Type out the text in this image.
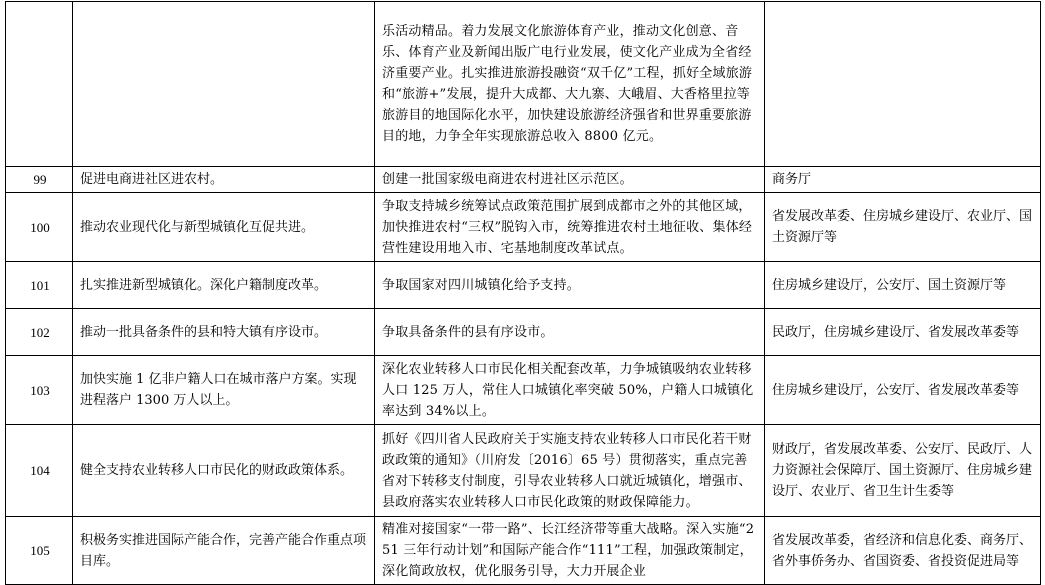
		乐活动精品。着力发展文化旅游体育产业，推动文化创意、音乐、体育产业及新闻出版广电行业发展，使文化产业成为全省经济重要产业。扎实推进旅游投融资“双千亿”工程，抓好全域旅游和“旅游+”发展，提升大成都、大九寨、大峨眉、大香格里拉等旅游目的地国际化水平，加快建设旅游经济强省和世界重要旅游目的地，力争全年实现旅游总收入 8800 亿元。	
99	促进电商进社区进农村。	创建一批国家级电商进农村进社区示范区。	商务厅
100	推动农业现代化与新型城镇化互促共进。	争取支持城乡统筹试点政策范围扩展到成都市之外的其他区域，加快推进农村“三权”脱钩入市，统筹推进农村土地征收、集体经营性建设用地入市、宅基地制度改革试点。	省发展改革委、住房城乡建设厅、农业厅、国土资源厅等
101	扎实推进新型城镇化。深化户籍制度改革。	争取国家对四川城镇化给予支持。	住房城乡建设厅，公安厅、国土资源厅等
102	推动一批具备条件的县和特大镇有序设市。	争取具备条件的县有序设市。	民政厅，住房城乡建设厅、省发展改革委等
103	加快实施 1 亿非户籍人口在城市落户方案。实现进程落户 1300 万人以上。	深化农业转移人口市民化相关配套改革，力争城镇吸纳农业转移人口 125 万人，常住人口城镇化率突破 50%，户籍人口城镇化率达到 34%以上。	住房城乡建设厅，公安厅、省发展改革委等
104	健全支持农业转移人口市民化的财政政策体系。	抓好《四川省人民政府关于实施支持农业转移人口市民化若干财政政策的通知》（川府发〔2016〕65 号）贯彻落实，重点完善省对下转移支付制度，引导农业转移人口就近城镇化，增强市、县政府落实农业转移人口市民化政策的财政保障能力。	财政厅，省发展改革委、公安厅、民政厅、人力资源社会保障厅、国土资源厅、住房城乡建设厅、农业厅、省卫生计生委等
105	积极务实推进国际产能合作，完善产能合作重点项目库。	精准对接国家“一带一路”、长江经济带等重大战略。深入实施“251 三年行动计划”和国际产能合作“111”工程，加强政策制定，深化简政放权，优化服务引导，大力开展企业	省发展改革委，省经济和信息化委、商务厅、省外事侨务办、省国资委、省投资促进局等
